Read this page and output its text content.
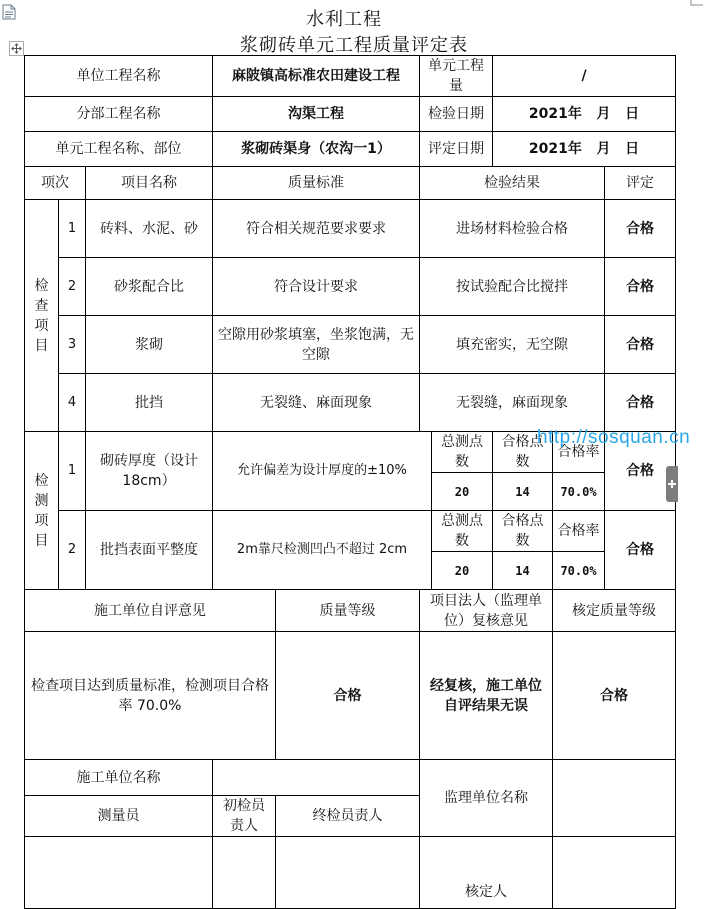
水利工程
浆砌砖单元工程质量评定表
单位工程名称			麻陂镇高标准农田建设工程		单元工程量		/		
分部工程名称			沟渠工程		检验日期		2021年   月   日		
单元工程名称、部位			浆砌砖渠身（农沟一1）		评定日期		2021年   月   日		
项次		项目名称	质量标准		检验结果				评定

检
查
项
目	1	砖料、水泥、砂	符合相关规范要求要求		进场材料检验合格				合格
	2	砂浆配合比	符合设计要求		按试验配合比搅拌				合格
	3	浆砌	空隙用砂浆填塞，坐浆饱满，无空隙		填充密实，无空隙				合格
	4	批挡	无裂缝、麻面现象		无裂缝，麻面现象				合格

检
测
项
目	1	砌砖厚度（设计18cm）	允许偏差为设计厚度的±10%			总测点数	合格点数	合格率	合格
						20	14	70.0%	
	2	批挡表面平整度	2m靠尺检测凹凸不超过 2cm			总测点数	合格点数	合格率	合格
						20	14	70.0%	
施工单位自评意见				质量等级	项目法人（监理单位）复核意见			核定质量等级	
检查项目达到质量标准，检测项目合格率 70.0%				合格	经复核，施工单位自评结果无误			合格	
施工单位名称					监理单位名称				
测量员			初检员责人	终检员责人					
					核定人				
http://sosquan.cn
